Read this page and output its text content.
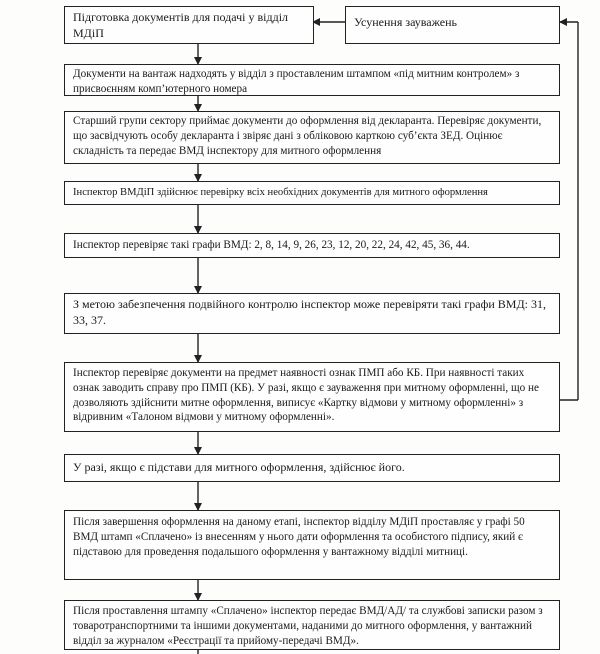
Підготовка документів для подачі у відділ МДіП
Усунення зауважень
Документи на вантаж надходять у відділ з проставленим штампом «під митним контролем» з присвоєнням комп’ютерного номера
Старший групи сектору приймає документи до оформлення від декларанта. Перевіряє документи, що засвідчують особу декларанта і звіряє дані з обліковою карткою суб’єкта ЗЕД. Оцінює складність та передає ВМД інспектору для митного оформлення
Інспектор ВМДіП здійснює перевірку всіх необхідних документів для митного оформлення
Інспектор перевіряє такі графи ВМД: 2, 8, 14, 9, 26, 23, 12, 20, 22, 24, 42, 45, 36, 44.
З метою забезпечення подвійного контролю інспектор може перевіряти такі графи ВМД: 31, 33, 37.
Інспектор перевіряє документи на предмет наявності ознак ПМП або КБ. При наявності таких ознак заводить справу про ПМП (КБ). У разі, якщо є зауваження при митному оформленні, що не дозволяють здійснити митне оформлення, виписує «Картку відмови у митному оформленні» з відривним «Талоном відмови у митному оформленні».
У разі, якщо є підстави для митного оформлення, здійснює його.
Після завершення оформлення на даному етапі, інспектор відділу МДіП проставляє у графі 50 ВМД штамп «Сплачено» із внесенням у нього дати оформлення та особистого підпису, який є підставою для проведення подальшого оформлення у вантажному відділі митниці.
Після проставлення штампу «Сплачено» інспектор передає ВМД/АД/ та службові записки разом з товаротранспортними та іншими документами, наданими до митного оформлення, у вантажний відділ за журналом «Реєстрації та прийому-передачі ВМД».
